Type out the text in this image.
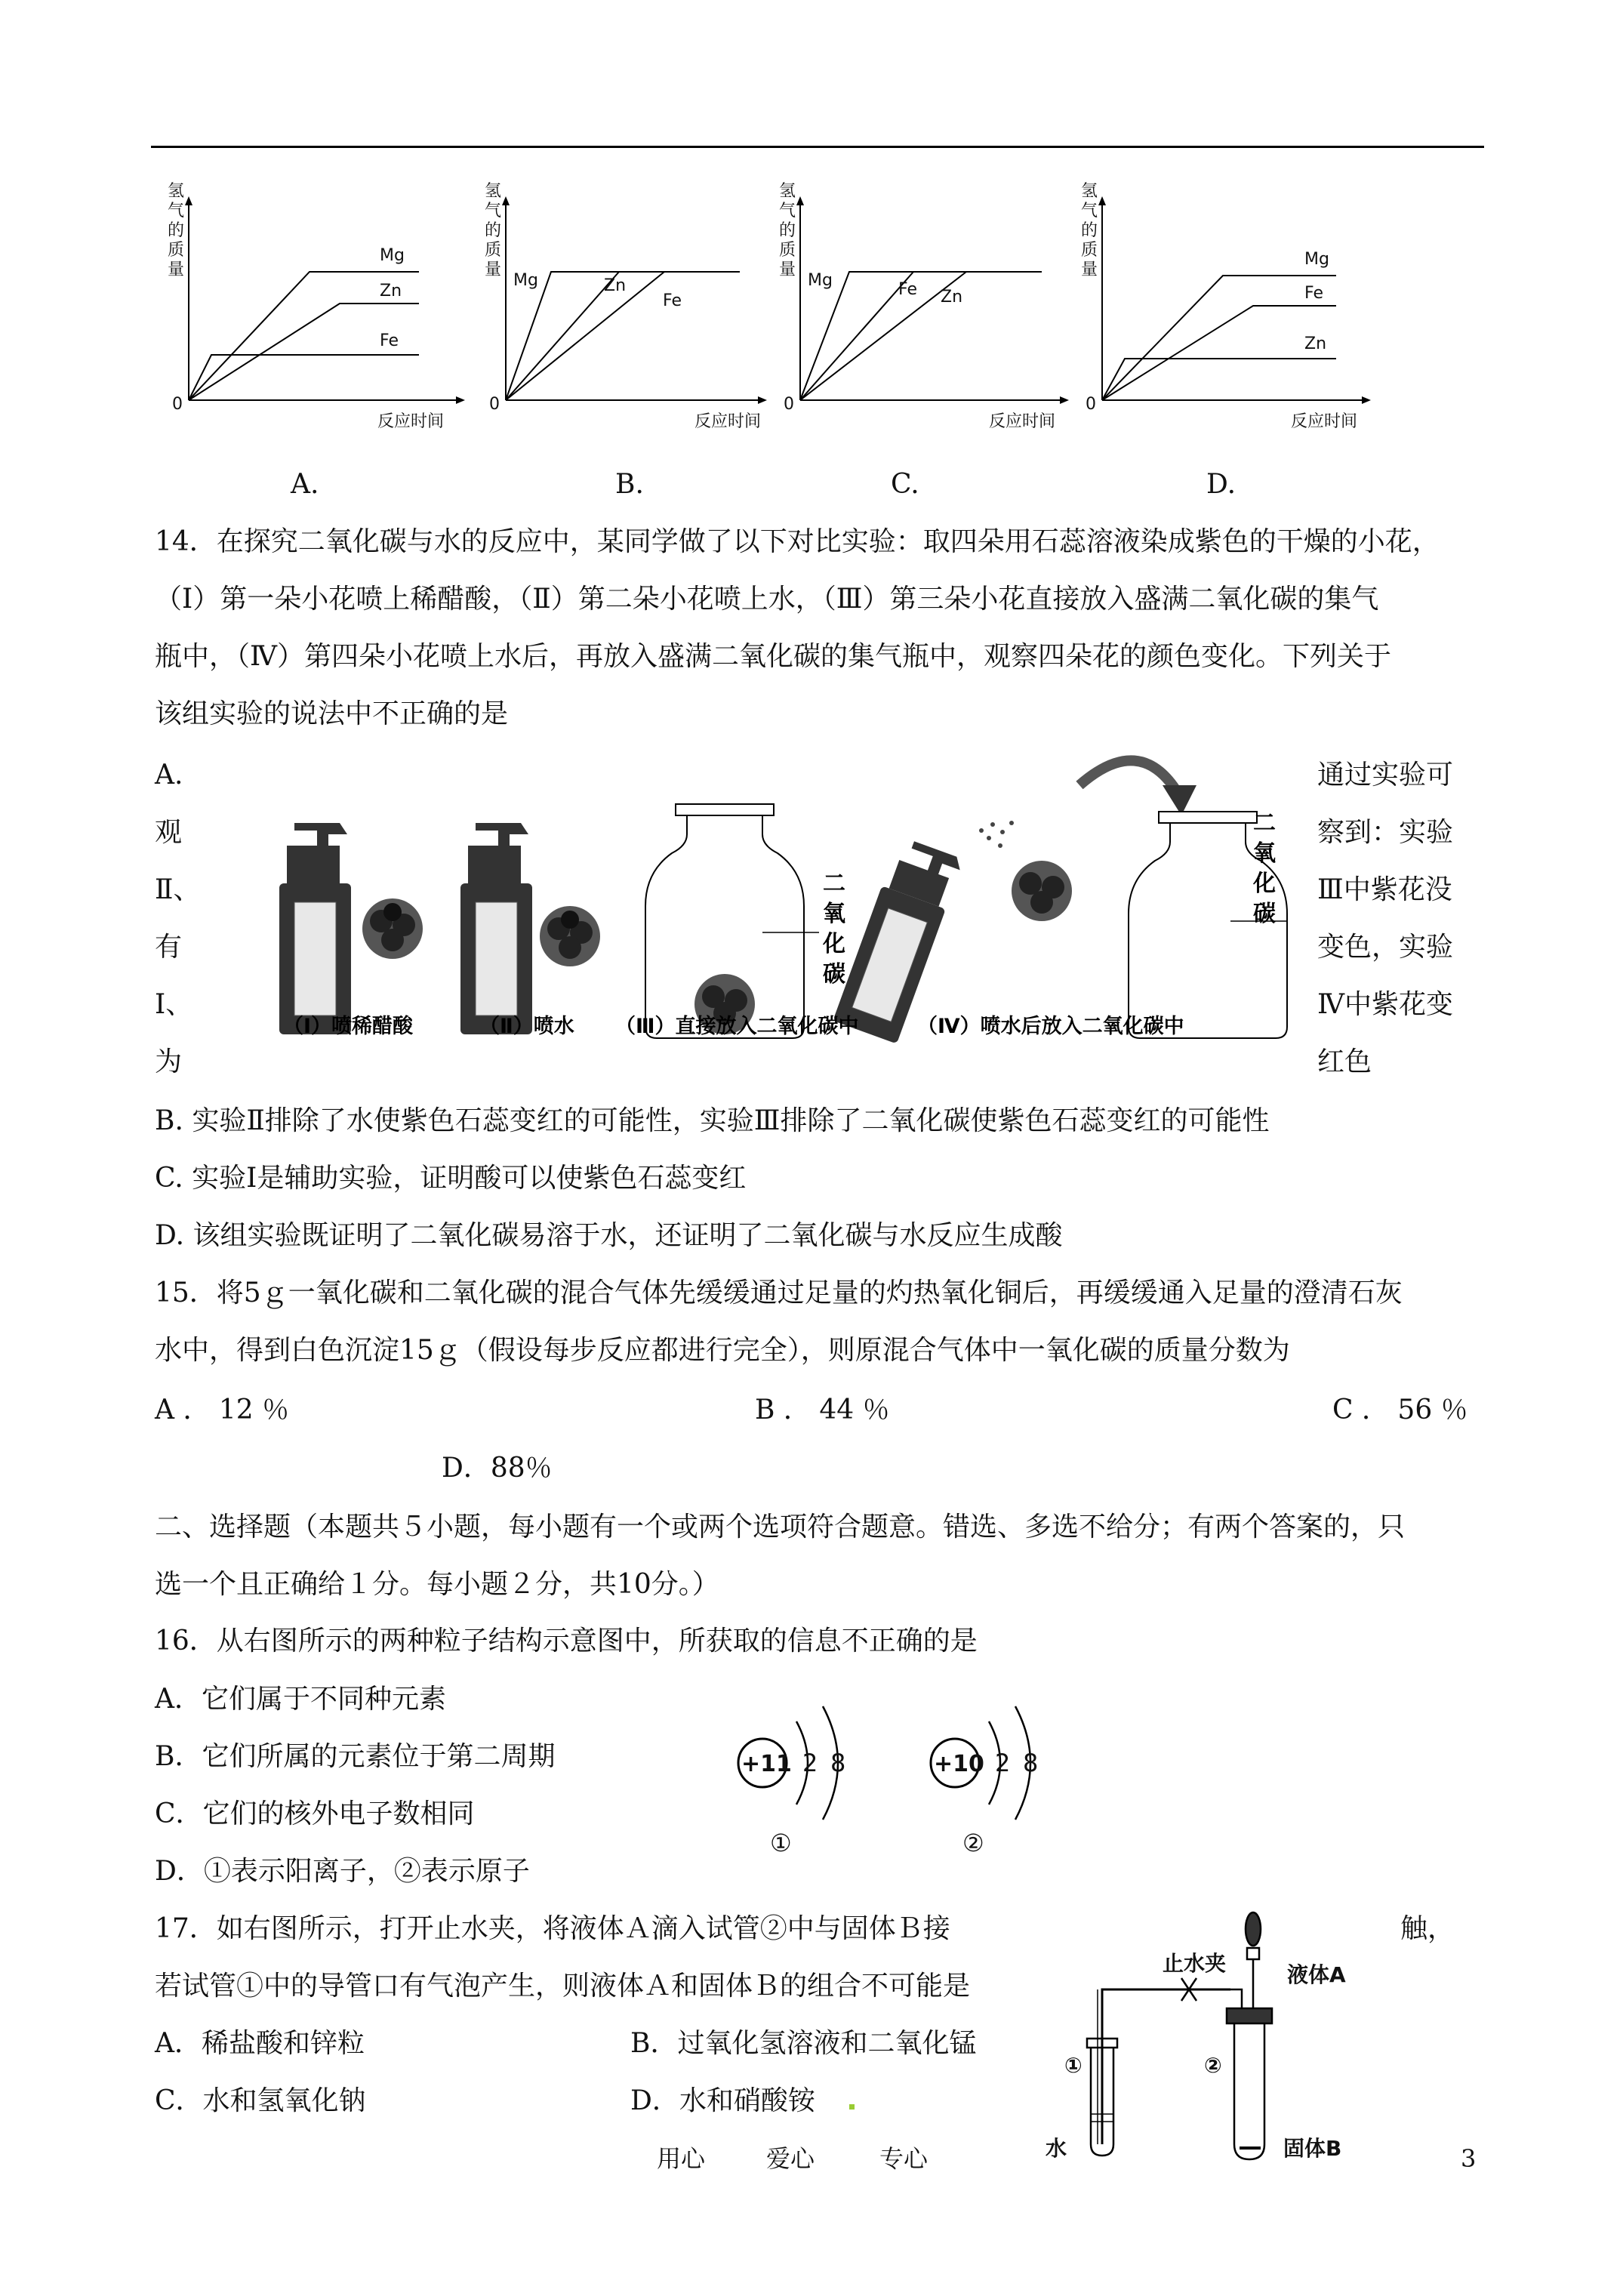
氢
气
的
质
量
0
反应时间
Mg
Zn
Fe
氢
气
的
质
量
0
反应时间
Mg	Zn
Fe
氢
气
的
质
量
0
反应时间
Mg	Fe Zn
氢
气
的
质
量
0
反应时间
Mg
Fe
Zn
A.	B.	C.	D.
14．在探究二氧化碳与水的反应中，某同学做了以下对比实验：取四朵用石蕊溶液染成紫色的干燥的小花，
（Ⅰ）第一朵小花喷上稀醋酸，（Ⅱ）第二朵小花喷上水，（Ⅲ）第三朵小花直接放入盛满二氧化碳的集气
瓶中，（Ⅳ）第四朵小花喷上水后，再放入盛满二氧化碳的集气瓶中，观察四朵花的颜色变化。下列关于
该组实验的说法中不正确的是
A.
观
Ⅱ、
有
Ⅰ、
为
通过实验可
察到：实验
Ⅲ中紫花没
变色，实验
Ⅳ中紫花变
红色
二
氧
化
碳
二
氧
化
碳
（Ⅰ）喷稀醋酸	（Ⅱ）喷水 （Ⅲ）直接放入二氧化碳中	（Ⅳ）喷水后放入二氧化碳中
B. 实验Ⅱ排除了水使紫色石蕊变红的可能性，实验Ⅲ排除了二氧化碳使紫色石蕊变红的可能性
C. 实验Ⅰ是辅助实验，证明酸可以使紫色石蕊变红
D. 该组实验既证明了二氧化碳易溶于水，还证明了二氧化碳与水反应生成酸
15．将5ｇ一氧化碳和二氧化碳的混合气体先缓缓通过足量的灼热氧化铜后，再缓缓通入足量的澄清石灰
水中，得到白色沉淀15ｇ（假设每步反应都进行完全），则原混合气体中一氧化碳的质量分数为
A ． 12 ％	B ． 44 ％	C ． 56 ％
D．88％
二、选择题（本题共５小题，每小题有一个或两个选项符合题意。错选、多选不给分；有两个答案的，只
选一个且正确给１分。每小题２分，共10分。）
16．从右图所示的两种粒子结构示意图中，所获取的信息不正确的是
A．它们属于不同种元素
B．它们所属的元素位于第二周期
C．它们的核外电子数相同
D．①表示阳离子，②表示原子
+11 2 8
①
+10 2 8
②
17．如右图所示，打开止水夹，将液体Ａ滴入试管②中与固体Ｂ接	触，
若试管①中的导管口有气泡产生，则液体Ａ和固体Ｂ的组合不可能是
A．稀盐酸和锌粒	B．过氧化氢溶液和二氧化锰
C．水和氢氧化钠	D．水和硝酸铵
止水夹	液体A
水	固体B
①	②
用心	爱心	专心	3
